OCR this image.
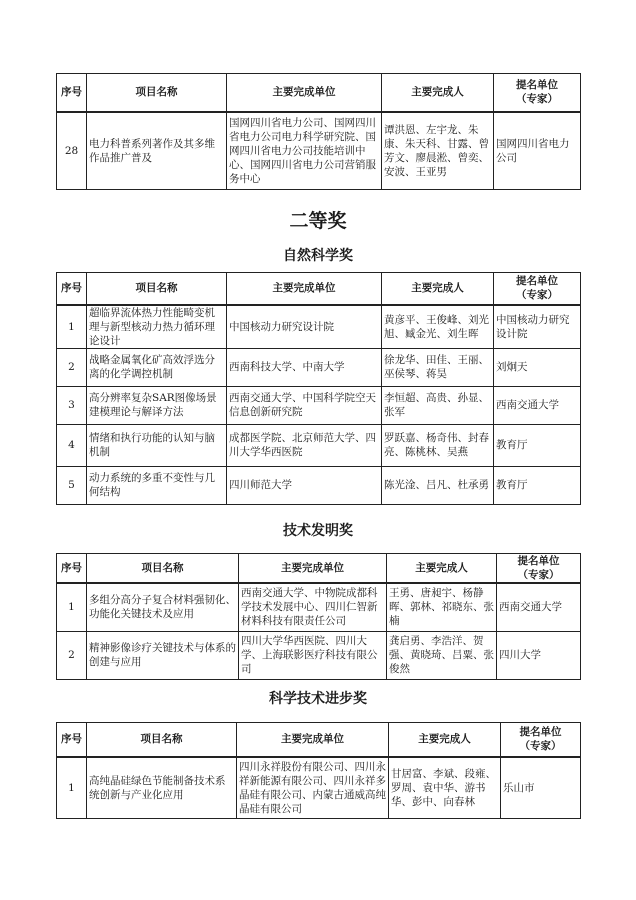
序号	项目名称	主要完成单位	主要完成人	提名单位
（专家）
28	电力科普系列著作及其多维作品推广普及	国网四川省电力公司、国网四川省电力公司电力科学研究院、国网四川省电力公司技能培训中心、国网四川省电力公司营销服务中心	谭洪恩、左宇龙、朱康、朱天科、甘露、曾芳文、廖晨淞、曾奕、安波、王亚男	国网四川省电力公司
二等奖
自然科学奖
序号	项目名称	主要完成单位	主要完成人	提名单位
（专家）
1	超临界流体热力性能畸变机理与新型核动力热力循环理论设计	中国核动力研究设计院	黄彦平、王俊峰、刘光旭、臧金光、刘生晖	中国核动力研究设计院
2	战略金属氧化矿高效浮选分离的化学调控机制	西南科技大学、中南大学	徐龙华、田佳、王丽、巫侯琴、蒋昊	刘炯天
3	高分辨率复杂SAR图像场景建模理论与解译方法	西南交通大学、中国科学院空天信息创新研究院	李恒超、高贵、孙显、张军	西南交通大学
4	情绪和执行功能的认知与脑机制	成都医学院、北京师范大学、四川大学华西医院	罗跃嘉、杨奇伟、封春亮、陈桃林、吴燕	教育厅
5	动力系统的多重不变性与几何结构	四川师范大学	陈光淦、吕凡、杜承勇	教育厅
技术发明奖
序号	项目名称	主要完成单位	主要完成人	提名单位
（专家）
1	多组分高分子复合材料强韧化、功能化关键技术及应用	西南交通大学、中物院成都科学技术发展中心、四川仁智新材料科技有限责任公司	王勇、唐昶宇、杨静晖、郭林、祁晓东、张楠	西南交通大学
2	精神影像诊疗关键技术与体系的创建与应用	四川大学华西医院、四川大学、上海联影医疗科技有限公司	龚启勇、李浩洋、贺强、黄晓琦、吕粟、张俊然	四川大学
科学技术进步奖
序号	项目名称	主要完成单位	主要完成人	提名单位
（专家）
1	高纯晶硅绿色节能制备技术系统创新与产业化应用	四川永祥股份有限公司、四川永祥新能源有限公司、四川永祥多晶硅有限公司、内蒙古通威高纯晶硅有限公司	甘居富、李斌、段雍、罗周、袁中华、游书华、彭中、向春林	乐山市
